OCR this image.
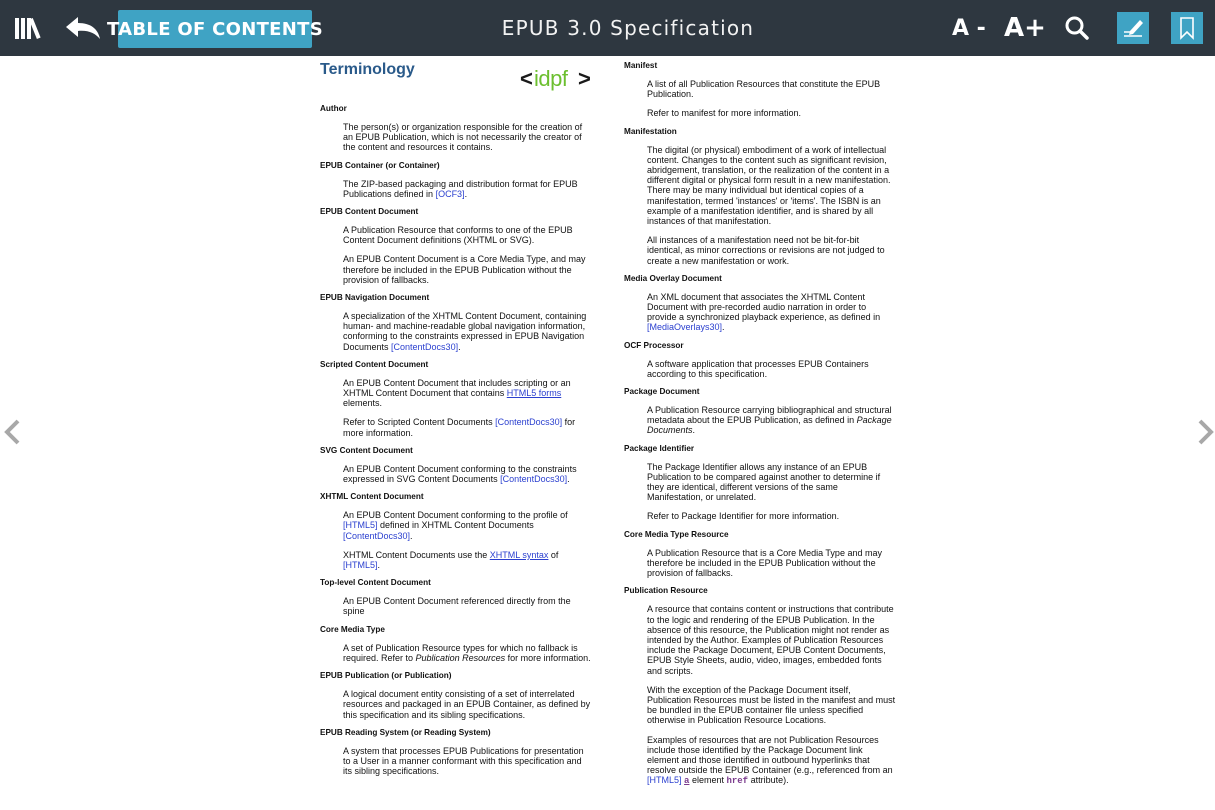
TABLE OF CONTENTS	EPUB 3.0 Specification	A - A+
Terminology
Author

The person(s) or organization responsible for the creation of an EPUB Publication, which is not necessarily the creator of the content and resources it contains.

EPUB Container (or Container)

The ZIP-based packaging and distribution format for EPUB Publications defined in [OCF3].

EPUB Content Document

A Publication Resource that conforms to one of the EPUB Content Document definitions (XHTML or SVG).

An EPUB Content Document is a Core Media Type, and may therefore be included in the EPUB Publication without the provision of fallbacks.

EPUB Navigation Document

A specialization of the XHTML Content Document, containing human- and machine-readable global navigation information, conforming to the constraints expressed in EPUB Navigation Documents [ContentDocs30].

Scripted Content Document

An EPUB Content Document that includes scripting or an XHTML Content Document that contains HTML5 forms elements.

Refer to Scripted Content Documents [ContentDocs30] for more information.

SVG Content Document

An EPUB Content Document conforming to the constraints expressed in SVG Content Documents [ContentDocs30].

XHTML Content Document

An EPUB Content Document conforming to the profile of [HTML5] defined in XHTML Content Documents [ContentDocs30].

XHTML Content Documents use the XHTML syntax of [HTML5].

Top-level Content Document

An EPUB Content Document referenced directly from the spine

Core Media Type

A set of Publication Resource types for which no fallback is required. Refer to Publication Resources for more information.

EPUB Publication (or Publication)

A logical document entity consisting of a set of interrelated resources and packaged in an EPUB Container, as defined by this specification and its sibling specifications.

EPUB Reading System (or Reading System)

A system that processes EPUB Publications for presentation to a User in a manner conformant with this specification and its sibling specifications.

< idpf >
Manifest

A list of all Publication Resources that constitute the EPUB Publication.

Refer to manifest for more information.

Manifestation

The digital (or physical) embodiment of a work of intellectual content. Changes to the content such as significant revision, abridgement, translation, or the realization of the content in a different digital or physical form result in a new manifestation. There may be many individual but identical copies of a manifestation, termed 'instances' or 'items'. The ISBN is an example of a manifestation identifier, and is shared by all instances of that manifestation.

All instances of a manifestation need not be bit-for-bit identical, as minor corrections or revisions are not judged to create a new manifestation or work.

Media Overlay Document

An XML document that associates the XHTML Content Document with pre-recorded audio narration in order to provide a synchronized playback experience, as defined in [MediaOverlays30].

OCF Processor

A software application that processes EPUB Containers according to this specification.

Package Document

A Publication Resource carrying bibliographical and structural metadata about the EPUB Publication, as defined in Package Documents.

Package Identifier

The Package Identifier allows any instance of an EPUB Publication to be compared against another to determine if they are identical, different versions of the same Manifestation, or unrelated.

Refer to Package Identifier for more information.

Core Media Type Resource

A Publication Resource that is a Core Media Type and may therefore be included in the EPUB Publication without the provision of fallbacks.

Publication Resource

A resource that contains content or instructions that contribute to the logic and rendering of the EPUB Publication. In the absence of this resource, the Publication might not render as intended by the Author. Examples of Publication Resources include the Package Document, EPUB Content Documents, EPUB Style Sheets, audio, video, images, embedded fonts and scripts.

With the exception of the Package Document itself, Publication Resources must be listed in the manifest and must be bundled in the EPUB container file unless specified otherwise in Publication Resource Locations.

Examples of resources that are not Publication Resources include those identified by the Package Document link element and those identified in outbound hyperlinks that resolve outside the EPUB Container (e.g., referenced from an [HTML5] a element href attribute).
